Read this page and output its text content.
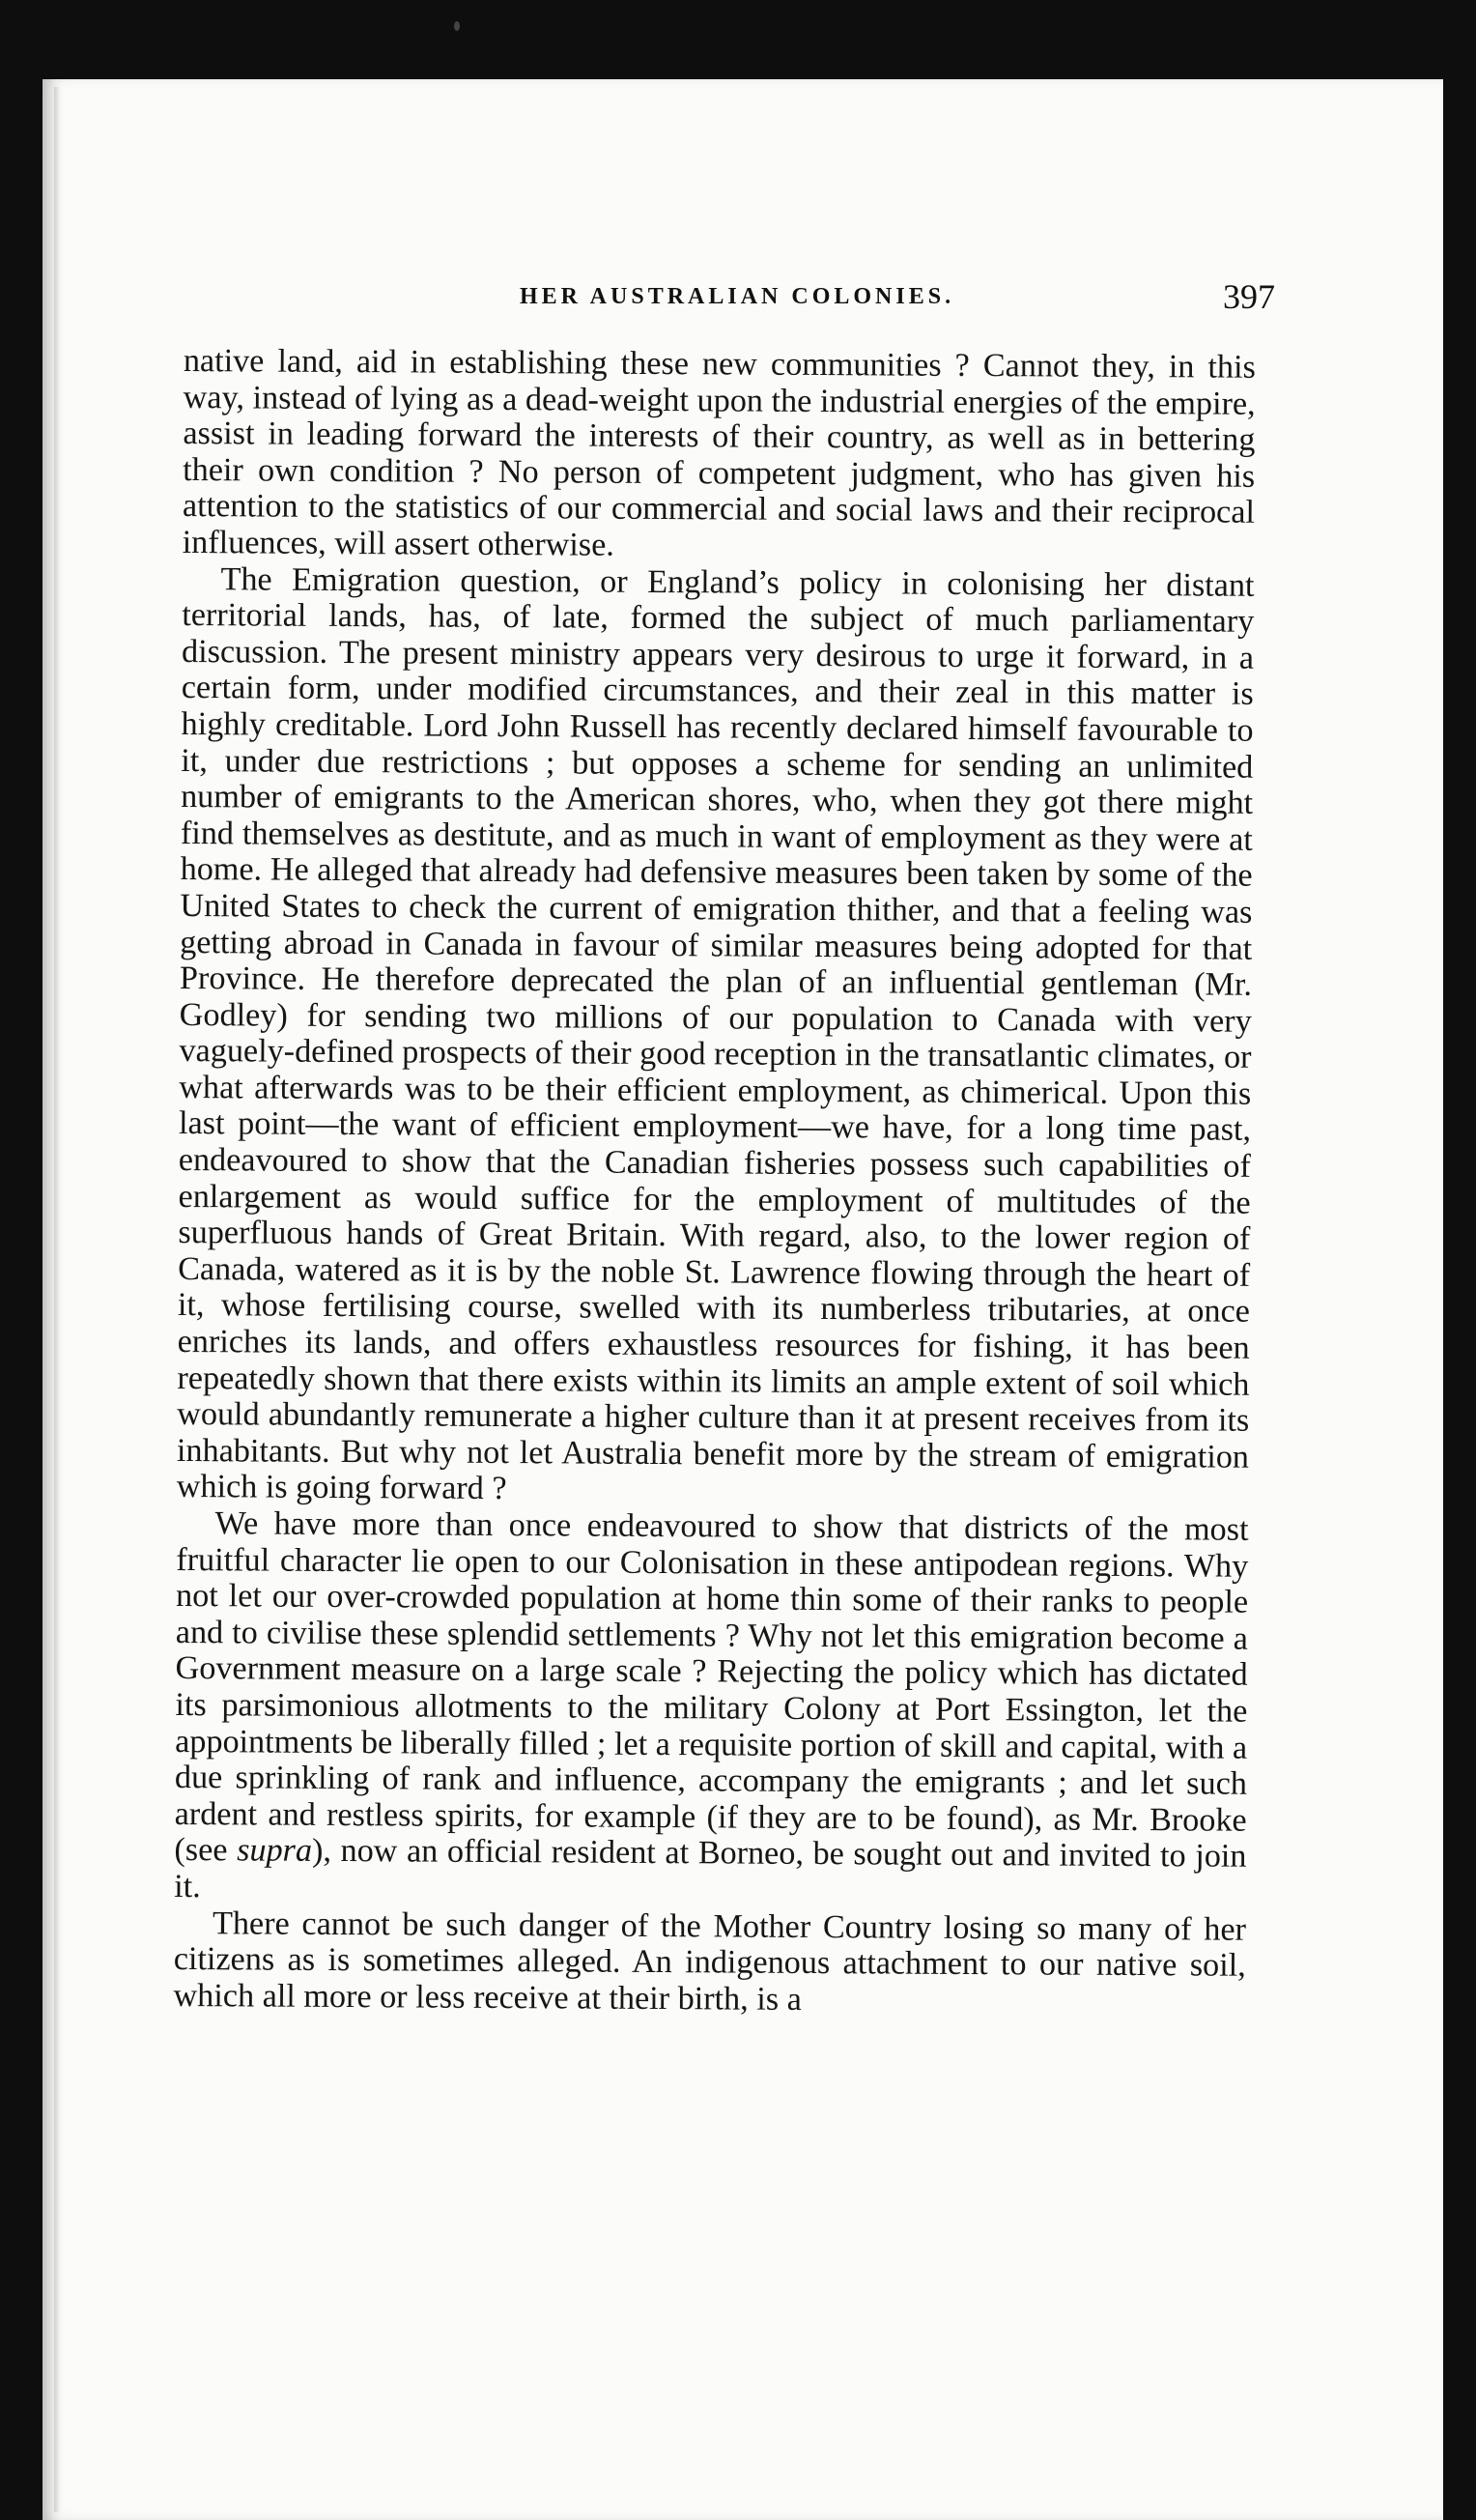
HER AUSTRALIAN COLONIES.	397

native land, aid in establishing these new communities ? Cannot they, in this way, instead of lying as a dead-weight upon the industrial energies of the empire, assist in leading forward the interests of their country, as well as in bettering their own condition ? No person of competent judgment, who has given his attention to the statistics of our commercial and social laws and their reciprocal influences, will assert otherwise.

The Emigration question, or England’s policy in colonising her distant territorial lands, has, of late, formed the subject of much parliamentary discussion. The present ministry appears very desirous to urge it forward, in a certain form, under modified circumstances, and their zeal in this matter is highly creditable. Lord John Russell has recently declared himself favourable to it, under due restrictions ; but opposes a scheme for sending an unlimited number of emigrants to the American shores, who, when they got there might find themselves as destitute, and as much in want of employment as they were at home. He alleged that already had defensive measures been taken by some of the United States to check the current of emigration thither, and that a feeling was getting abroad in Canada in favour of similar measures being adopted for that Province. He therefore deprecated the plan of an influential gentleman (Mr. Godley) for sending two millions of our population to Canada with very vaguely-defined prospects of their good reception in the transatlantic climates, or what afterwards was to be their efficient employment, as chimerical. Upon this last point—the want of efficient employment—we have, for a long time past, endeavoured to show that the Canadian fisheries possess such capabilities of enlargement as would suffice for the employment of multitudes of the superfluous hands of Great Britain. With regard, also, to the lower region of Canada, watered as it is by the noble St. Lawrence flowing through the heart of it, whose fertilising course, swelled with its numberless tributaries, at once enriches its lands, and offers exhaustless resources for fishing, it has been repeatedly shown that there exists within its limits an ample extent of soil which would abundantly remunerate a higher culture than it at present receives from its inhabitants. But why not let Australia benefit more by the stream of emigration which is going forward ?

We have more than once endeavoured to show that districts of the most fruitful character lie open to our Colonisation in these antipodean regions. Why not let our over-crowded population at home thin some of their ranks to people and to civilise these splendid settlements ? Why not let this emigration become a Government measure on a large scale ? Rejecting the policy which has dictated its parsimonious allotments to the military Colony at Port Essington, let the appointments be liberally filled ; let a requisite portion of skill and capital, with a due sprinkling of rank and influence, accompany the emigrants ; and let such ardent and restless spirits, for example (if they are to be found), as Mr. Brooke (see supra), now an official resident at Borneo, be sought out and invited to join it.

There cannot be such danger of the Mother Country losing so many of her citizens as is sometimes alleged. An indigenous attachment to our native soil, which all more or less receive at their birth, is a
